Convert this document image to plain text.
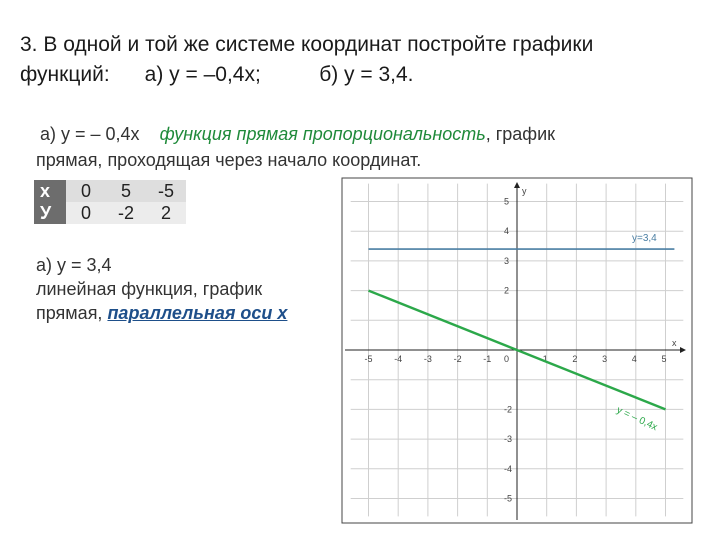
3. В одной и той же системе координат постройте графики
функций: а) у = –0,4х;	б) у = 3,4.
а) у = – 0,4х функция прямая пропорциональность, график
прямая, проходящая через начало координат.
x	0	5	-5
У	0	-2	2
а) у = 3,4
линейная функция, график
прямая, параллельная оси х
x
y
0
-5 -4 -3 -2 -1	1	2	3	4	5
5
4
3
2
-2
-3
-4
-5
у=3,4
у = – 0,4х
